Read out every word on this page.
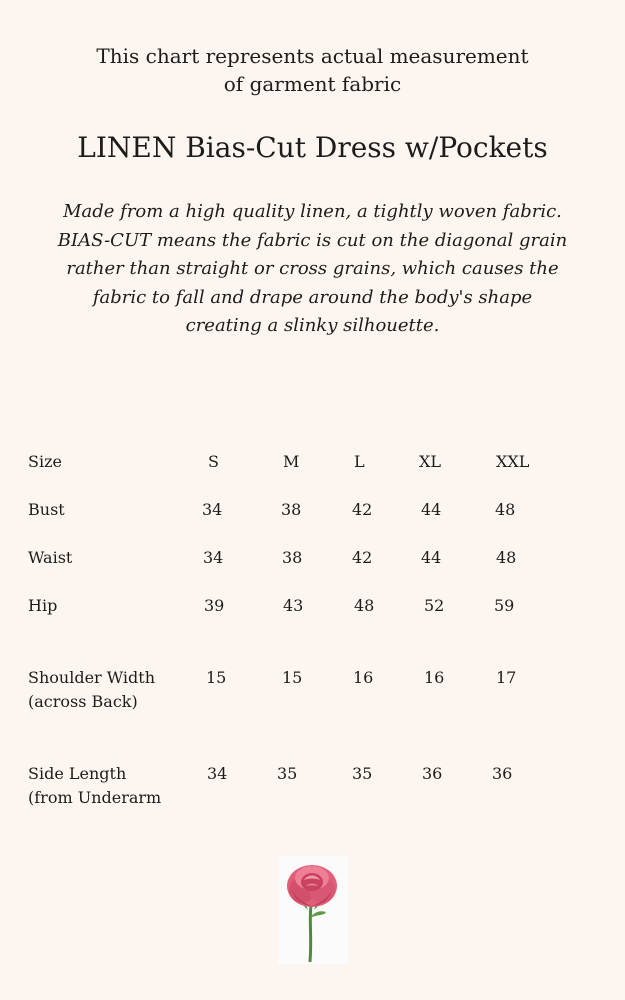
This chart represents actual measurement
of garment fabric
LINEN Bias-Cut Dress w/Pockets
Made from a high quality linen, a tightly woven fabric.
BIAS-CUT means the fabric is cut on the diagonal grain
rather than straight or cross grains, which causes the
fabric to fall and drape around the body's shape
creating a slinky silhouette.
Size	S	M	L	XL	XXL
Bust	34	38	42	44	48
Waist	34	38	42	44	48
Hip	39	43	48	52	59
Shoulder Width
(across Back)
15	15	16	16	17
Side Length
(from Underarm
34	35	35	36	36
